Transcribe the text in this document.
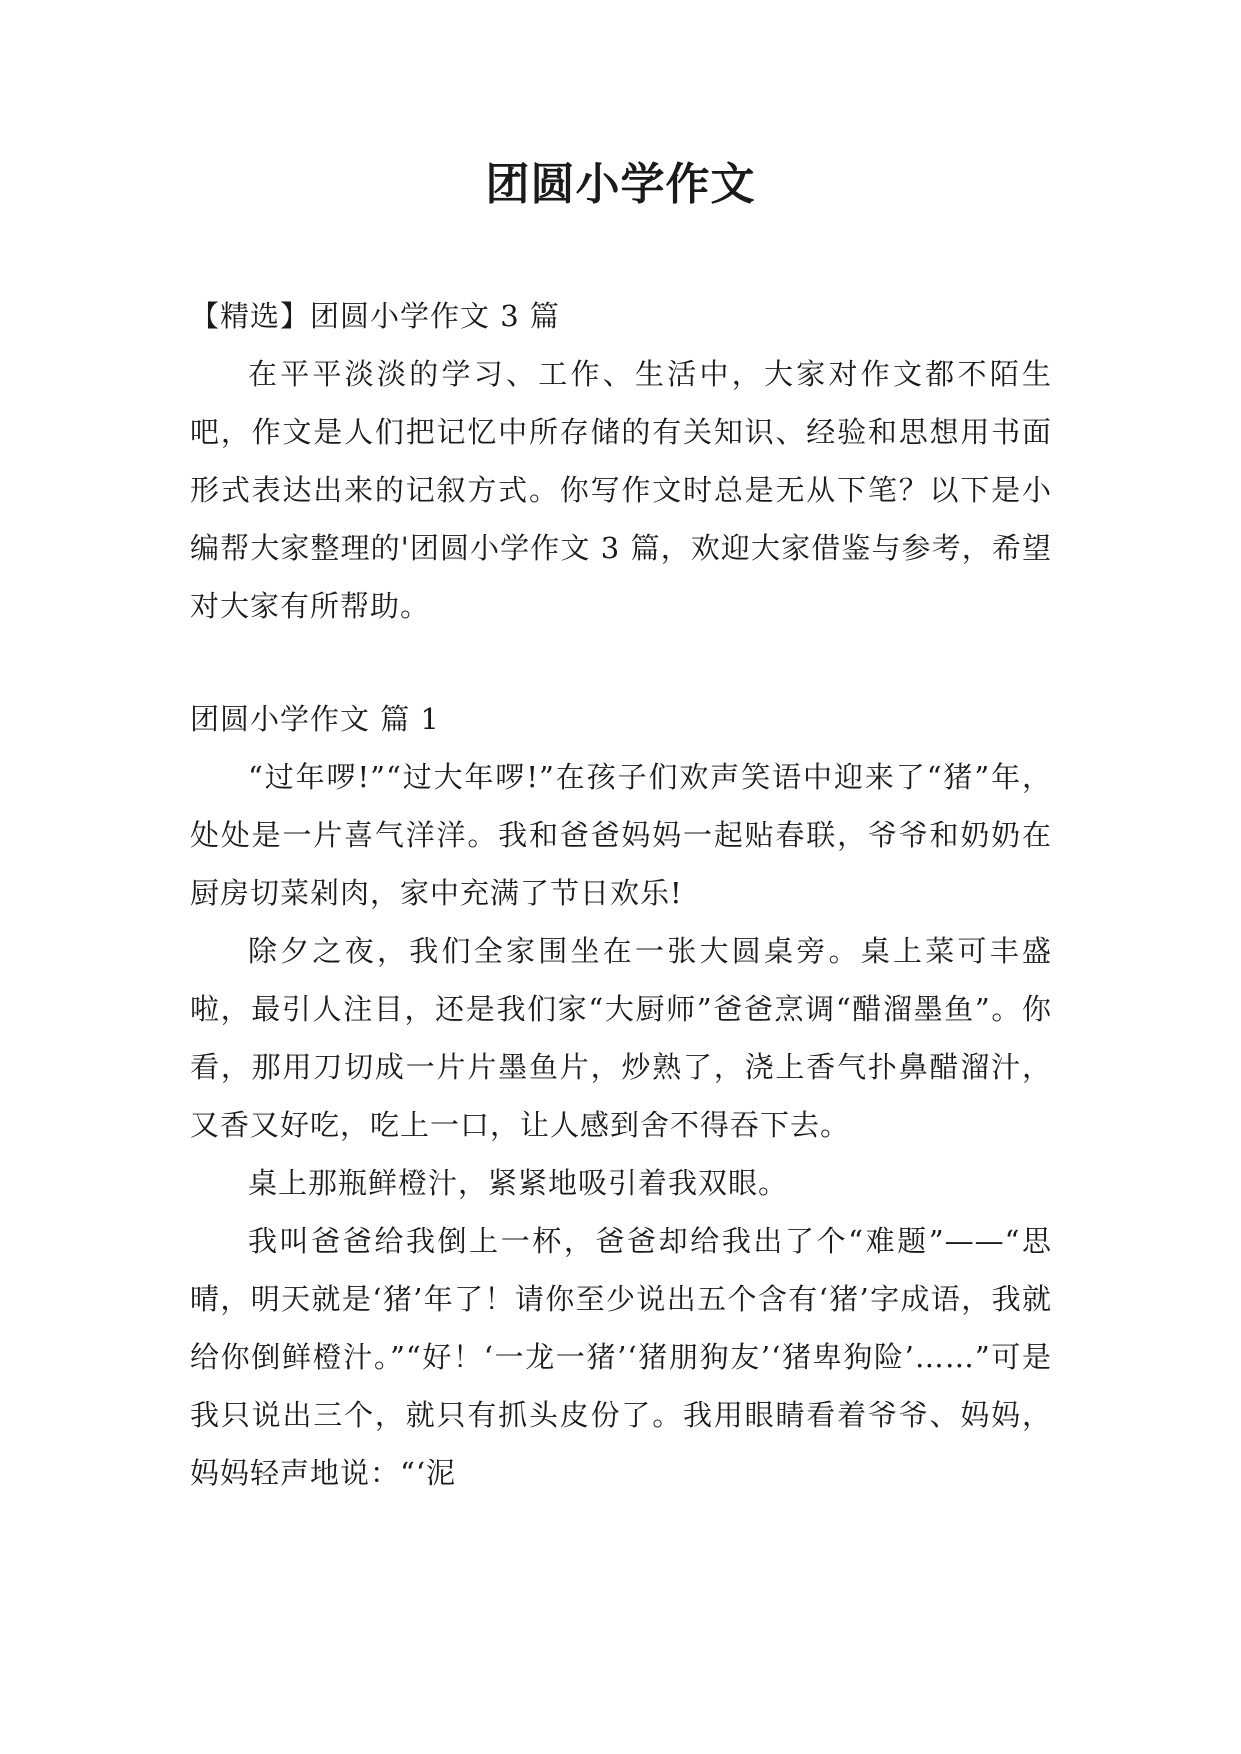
团圆小学作文

【精选】团圆小学作文 3 篇

在平平淡淡的学习、工作、生活中，大家对作文都不陌生吧，作文是人们把记忆中所存储的有关知识、经验和思想用书面形式表达出来的记叙方式。你写作文时总是无从下笔？以下是小编帮大家整理的'团圆小学作文 3 篇，欢迎大家借鉴与参考，希望对大家有所帮助。

团圆小学作文 篇 1

“过年啰!”“过大年啰!”在孩子们欢声笑语中迎来了“猪”年，处处是一片喜气洋洋。我和爸爸妈妈一起贴春联，爷爷和奶奶在厨房切菜剁肉，家中充满了节日欢乐!

除夕之夜，我们全家围坐在一张大圆桌旁。桌上菜可丰盛啦，最引人注目，还是我们家“大厨师”爸爸烹调“醋溜墨鱼”。你看，那用刀切成一片片墨鱼片，炒熟了，浇上香气扑鼻醋溜汁，又香又好吃，吃上一口，让人感到舍不得吞下去。

桌上那瓶鲜橙汁，紧紧地吸引着我双眼。

我叫爸爸给我倒上一杯，爸爸却给我出了个“难题”——“思晴，明天就是‘猪’年了！请你至少说出五个含有‘猪’字成语，我就给你倒鲜橙汁。”“好！‘一龙一猪’‘猪朋狗友’‘猪卑狗险’……”可是我只说出三个，就只有抓头皮份了。我用眼睛看着爷爷、妈妈，妈妈轻声地说：“‘泥
